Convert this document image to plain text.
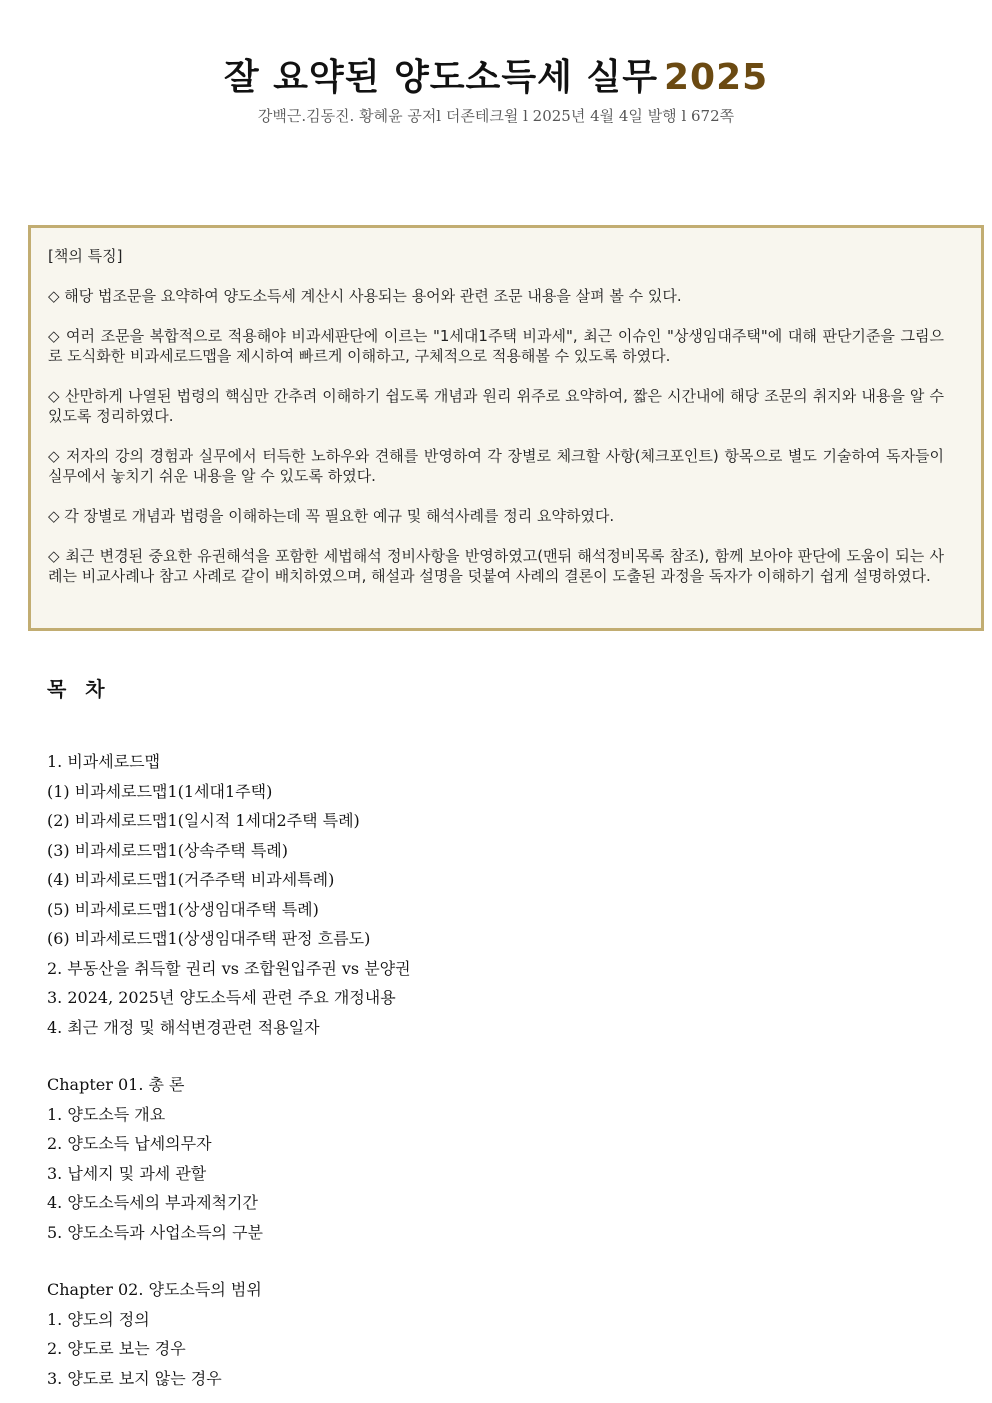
잘 요약된 양도소득세 실무 2025
강백근.김동진. 황혜윤 공저l 더존테크윌 l 2025년 4월 4일 발행 l 672쪽
[책의 특징]
◇ 해당 법조문을 요약하여 양도소득세 계산시 사용되는 용어와 관련 조문 내용을 살펴 볼 수 있다.
◇ 여러 조문을 복합적으로 적용해야 비과세판단에 이르는 "1세대1주택 비과세", 최근 이슈인 "상생임대주택"에 대해 판단기준을 그림으로 도식화한 비과세로드맵을 제시하여 빠르게 이해하고, 구체적으로 적용해볼 수 있도록 하였다.
◇ 산만하게 나열된 법령의 핵심만 간추려 이해하기 쉽도록 개념과 원리 위주로 요약하여, 짧은 시간내에 해당 조문의 취지와 내용을 알 수 있도록 정리하였다.
◇ 저자의 강의 경험과 실무에서 터득한 노하우와 견해를 반영하여 각 장별로 체크할 사항(체크포인트) 항목으로 별도 기술하여 독자들이 실무에서 놓치기 쉬운 내용을 알 수 있도록 하였다.
◇ 각 장별로 개념과 법령을 이해하는데 꼭 필요한 예규 및 해석사례를 정리 요약하였다.
◇ 최근 변경된 중요한 유권해석을 포함한 세법해석 정비사항을 반영하였고(맨뒤 해석정비목록 참조), 함께 보아야 판단에 도움이 되는 사례는 비교사례나 참고 사례로 같이 배치하였으며, 해설과 설명을 덧붙여 사례의 결론이 도출된 과정을 독자가 이해하기 쉽게 설명하였다.
목 차
1. 비과세로드맵
(1) 비과세로드맵1(1세대1주택)
(2) 비과세로드맵1(일시적 1세대2주택 특례)
(3) 비과세로드맵1(상속주택 특례)
(4) 비과세로드맵1(거주주택 비과세특례)
(5) 비과세로드맵1(상생임대주택 특례)
(6) 비과세로드맵1(상생임대주택 판정 흐름도)
2. 부동산을 취득할 권리 vs 조합원입주권 vs 분양권
3. 2024, 2025년 양도소득세 관련 주요 개정내용
4. 최근 개정 및 해석변경관련 적용일자
Chapter 01. 총 론
1. 양도소득 개요
2. 양도소득 납세의무자
3. 납세지 및 과세 관할
4. 양도소득세의 부과제척기간
5. 양도소득과 사업소득의 구분
Chapter 02. 양도소득의 범위
1. 양도의 정의
2. 양도로 보는 경우
3. 양도로 보지 않는 경우
